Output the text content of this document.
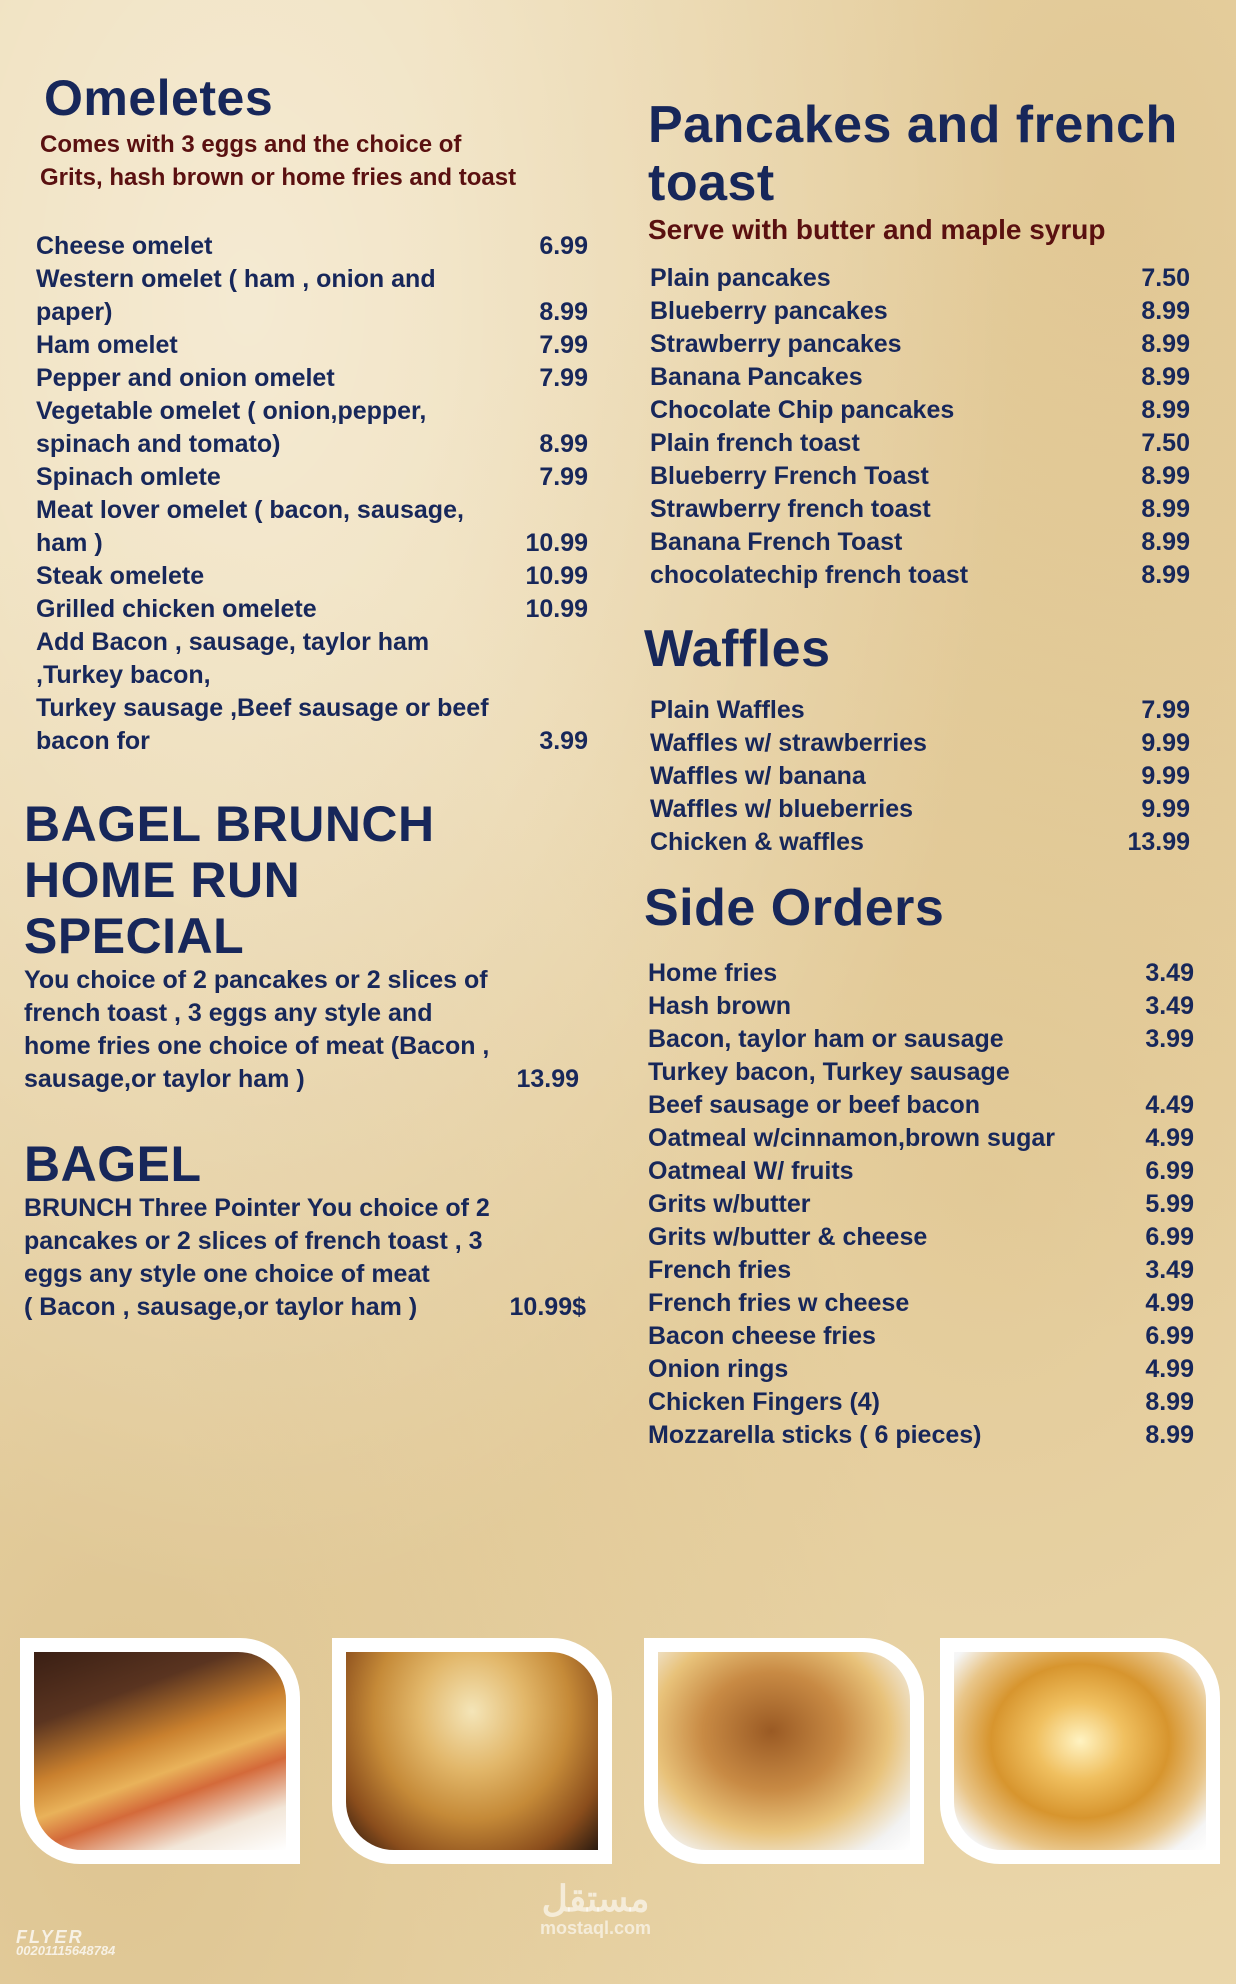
Omeletes
Comes with 3 eggs and the choice of
Grits, hash brown or home fries and toast
Cheese omelet	6.99
Western omelet ( ham , onion and
paper)	8.99
Ham omelet	7.99
Pepper and onion omelet	7.99
Vegetable omelet ( onion,pepper,
spinach and tomato)	8.99
Spinach omlete	7.99
Meat lover omelet ( bacon, sausage,
ham )	10.99
Steak omelete	10.99
Grilled chicken omelete	10.99
Add Bacon , sausage, taylor ham
,Turkey bacon,
Turkey sausage ,Beef sausage or beef
bacon for	3.99
BAGEL BRUNCH
HOME RUN
SPECIAL
You choice of 2 pancakes or 2 slices of
french toast , 3 eggs any style and
home fries one choice of meat (Bacon ,
sausage,or taylor ham )	13.99
BAGEL
BRUNCH Three Pointer You choice of 2
pancakes or 2 slices of french toast , 3
eggs any style one choice of meat
( Bacon , sausage,or taylor ham )	10.99$
Pancakes and french
toast
Serve with butter and maple syrup
Plain pancakes	7.50
Blueberry pancakes	8.99
Strawberry pancakes	8.99
Banana Pancakes	8.99
Chocolate Chip pancakes	8.99
Plain french toast	7.50
Blueberry French Toast	8.99
Strawberry french toast	8.99
Banana French Toast	8.99
chocolatechip french toast	8.99
Waffles
Plain Waffles	7.99
Waffles w/ strawberries	9.99
Waffles w/ banana	9.99
Waffles w/ blueberries	9.99
Chicken & waffles	13.99
Side Orders
Home fries	3.49
Hash brown	3.49
Bacon, taylor ham or sausage	3.99
Turkey bacon, Turkey sausage
Beef sausage or beef bacon	4.49
Oatmeal w/cinnamon,brown sugar	4.99
Oatmeal W/ fruits	6.99
Grits w/butter	5.99
Grits w/butter & cheese	6.99
French fries	3.49
French fries w cheese	4.99
Bacon cheese fries	6.99
Onion rings	4.99
Chicken Fingers (4)	8.99
Mozzarella sticks ( 6 pieces)	8.99
مستقل
mostaql.com
FLYER
00201115648784
